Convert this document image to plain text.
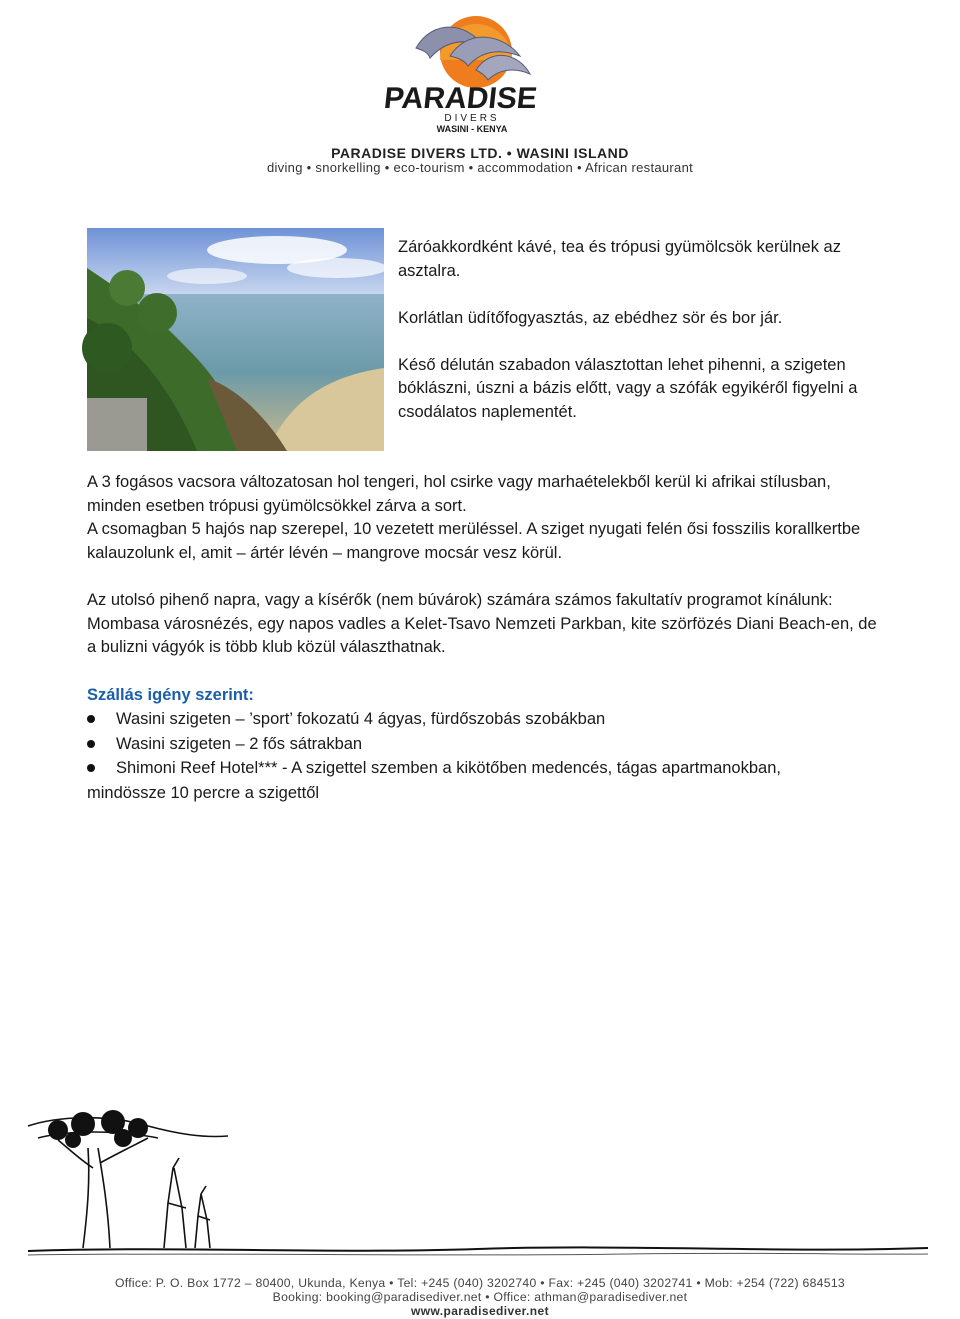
PARADISE
DIVERS
WASINI - KENYA
PARADISE DIVERS LTD. • WASINI ISLAND
diving • snorkelling • eco-tourism • accommodation • African restaurant

Záróakkordként kávé, tea és trópusi gyümölcsök kerülnek az asztalra.

Korlátlan üdítőfogyasztás, az ebédhez sör és bor jár.

Késő délután szabadon választottan lehet pihenni, a szigeten bóklászni, úszni a bázis előtt, vagy a szófák egyikéről figyelni a csodálatos naplementét.

A 3 fogásos vacsora változatosan hol tengeri, hol csirke vagy marhaételekből kerül ki afrikai stílusban, minden esetben trópusi gyümölcsökkel zárva a sort.

A csomagban 5 hajós nap szerepel, 10 vezetett merüléssel. A sziget nyugati felén ősi fosszilis korallkertbe kalauzolunk el, amit – ártér lévén – mangrove mocsár vesz körül.

Az utolsó pihenő napra, vagy a kísérők (nem búvárok) számára számos fakultatív programot kínálunk: Mombasa városnézés, egy napos vadles a Kelet-Tsavo Nemzeti Parkban, kite szörfözés Diani Beach-en, de a bulizni vágyók is több klub közül választhatnak.

Szállás igény szerint:
Wasini szigeten – ’sport’ fokozatú 4 ágyas, fürdőszobás szobákban
Wasini szigeten – 2 fős sátrakban
Shimoni Reef Hotel*** - A szigettel szemben a kikötőben medencés, tágas apartmanokban,
mindössze 10 percre a szigettől
Office: P. O. Box 1772 – 80400, Ukunda, Kenya • Tel: +245 (040) 3202740 • Fax: +245 (040) 3202741 • Mob: +254 (722) 684513
Booking: booking@paradisediver.net • Office: athman@paradisediver.net
www.paradisediver.net
